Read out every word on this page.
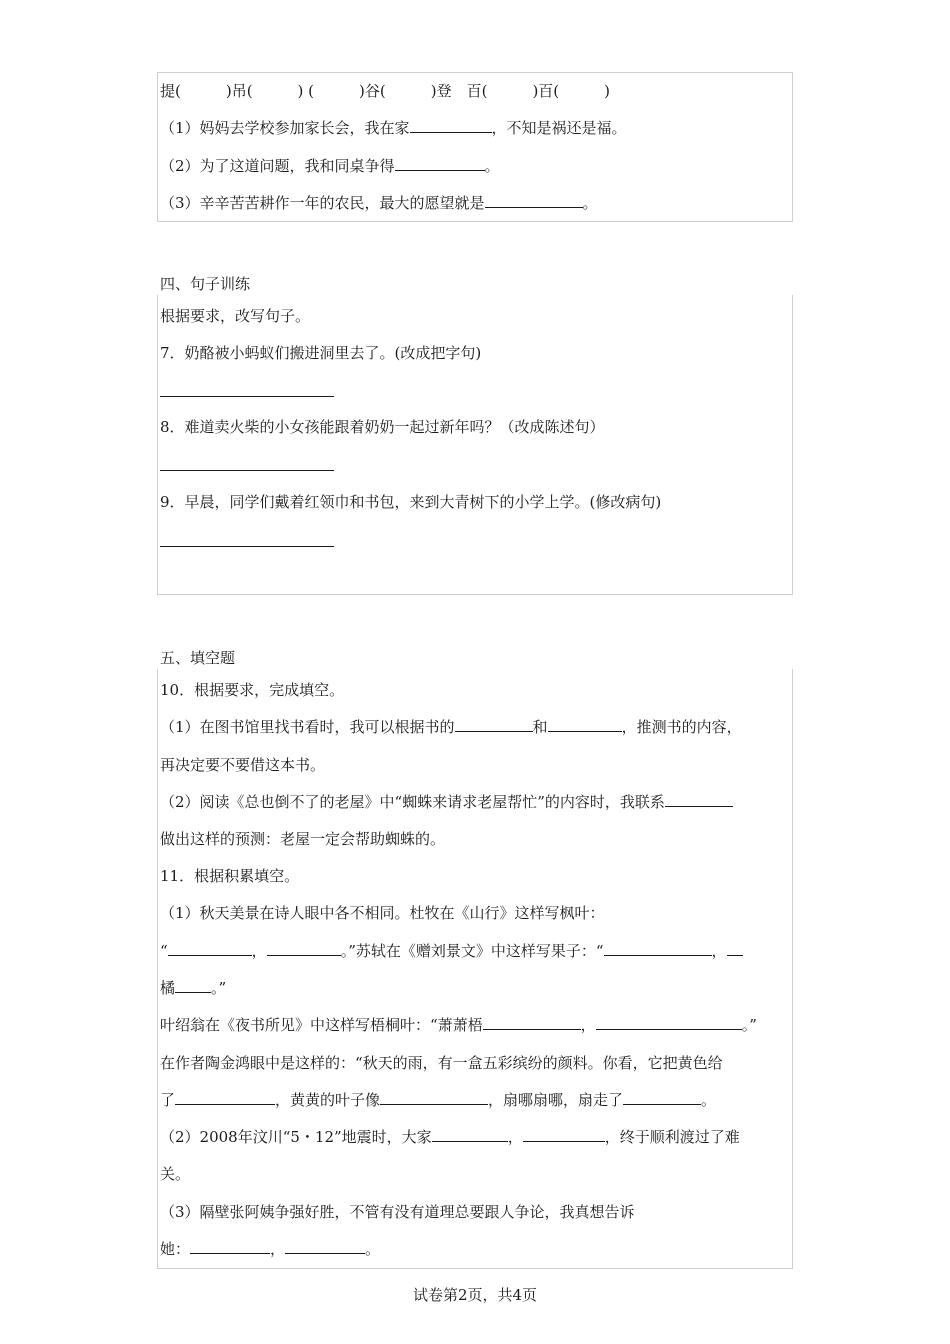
提(　　　)吊(　　　) (　　　)谷(　　　)登　百(　　　)百(　　　)
（1）妈妈去学校参加家长会，我在家	，不知是祸还是福。
（2）为了这道问题，我和同桌争得	。
（3）辛辛苦苦耕作一年的农民，最大的愿望就是	。
四、句子训练
根据要求，改写句子。
7．奶酪被小蚂蚁们搬进洞里去了。(改成把字句)
8．难道卖火柴的小女孩能跟着奶奶一起过新年吗？（改成陈述句）
9．早晨，同学们戴着红领巾和书包，来到大青树下的小学上学。(修改病句)
五、填空题
10．根据要求，完成填空。
（1）在图书馆里找书看时，我可以根据书的	和	，推测书的内容，
再决定要不要借这本书。
（2）阅读《总也倒不了的老屋》中“蜘蛛来请求老屋帮忙”的内容时，我联系
做出这样的预测：老屋一定会帮助蜘蛛的。
11．根据积累填空。
（1）秋天美景在诗人眼中各不相同。杜牧在《山行》这样写枫叶：
“	，	。”苏轼在《赠刘景文》中这样写果子：“	，
橘 。”
叶绍翁在《夜书所见》中这样写梧桐叶：“萧萧梧	，	。”
在作者陶金鸿眼中是这样的：“秋天的雨，有一盒五彩缤纷的颜料。你看，它把黄色给
了	，黄黄的叶子像	，扇哪扇哪，扇走了	。
（2）2008年汶川“5・12”地震时，大家	，	，终于顺利渡过了难
关。
（3）隔壁张阿姨争强好胜，不管有没有道理总要跟人争论，我真想告诉
她：	，	。
试卷第2页，共4页
